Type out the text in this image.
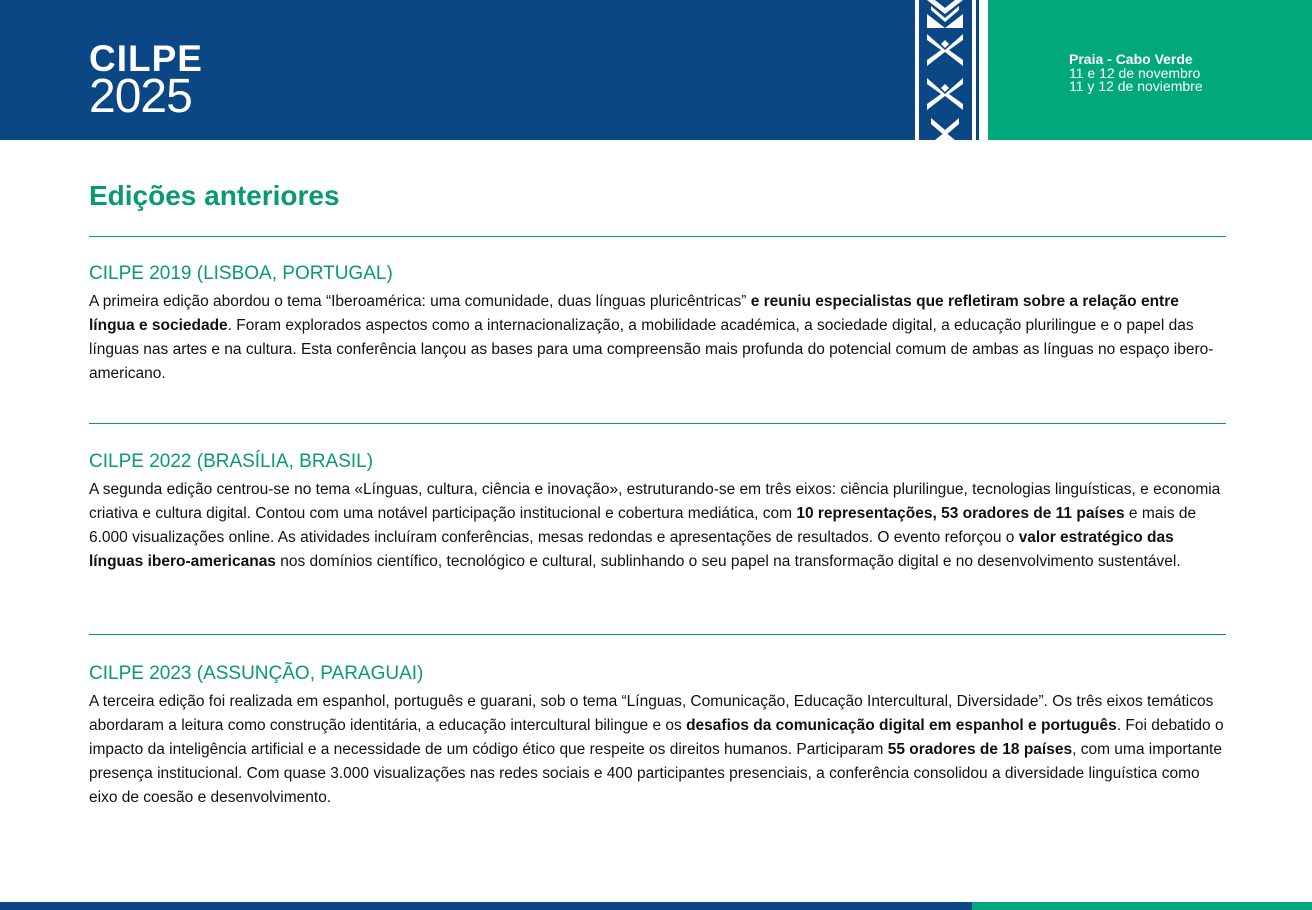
CILPE
2025
Praia - Cabo Verde
11 e 12 de novembro
11 y 12 de noviembre
Edições anteriores
CILPE 2019 (LISBOA, PORTUGAL)

A primeira edição abordou o tema “Iberoamérica: uma comunidade, duas línguas pluricêntricas” e reuniu especialistas que refletiram sobre a relação entre língua e sociedade. Foram explorados aspectos como a internacionalização, a mobilidade académica, a sociedade digital, a educação plurilingue e o papel das línguas nas artes e na cultura. Esta conferência lançou as bases para uma compreensão mais profunda do potencial comum de ambas as línguas no espaço ibero-americano.

CILPE 2022 (BRASÍLIA, BRASIL)

A segunda edição centrou-se no tema «Línguas, cultura, ciência e inovação», estruturando-se em três eixos: ciência plurilingue, tecnologias linguísticas, e economia criativa e cultura digital. Contou com uma notável participação institucional e cobertura mediática, com 10 representações, 53 oradores de 11 países e mais de 6.000 visualizações online. As atividades incluíram conferências, mesas redondas e apresentações de resultados. O evento reforçou o valor estratégico das línguas ibero-americanas nos domínios científico, tecnológico e cultural, sublinhando o seu papel na transformação digital e no desenvolvimento sustentável.

CILPE 2023 (ASSUNÇÃO, PARAGUAI)

A terceira edição foi realizada em espanhol, português e guarani, sob o tema “Línguas, Comunicação, Educação Intercultural, Diversidade”. Os três eixos temáticos abordaram a leitura como construção identitária, a educação intercultural bilingue e os desafios da comunicação digital em espanhol e português. Foi debatido o impacto da inteligência artificial e a necessidade de um código ético que respeite os direitos humanos. Participaram 55 oradores de 18 países, com uma importante presença institucional. Com quase 3.000 visualizações nas redes sociais e 400 participantes presenciais, a conferência consolidou a diversidade linguística como eixo de coesão e desenvolvimento.
